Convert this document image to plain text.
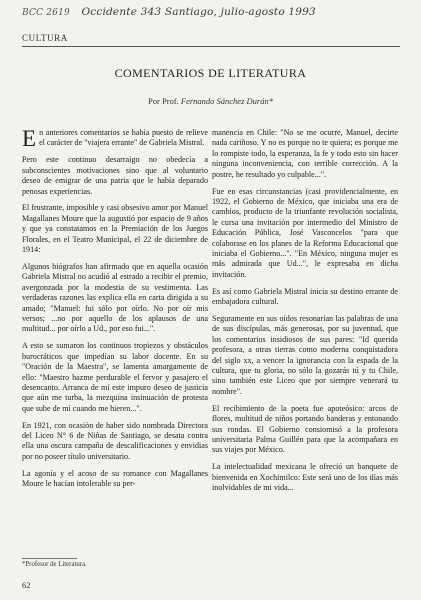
BCC 2619 Occidente 343 Santiago, julio-agosto 1993
CULTURA
COMENTARIOS DE LITERATURA
Por Prof. Fernando Sánchez Durán*

En anteriores comentarios se había puesto de relieve el carácter de "viajera errante" de Gabriela Mistral.

Pero este continuo desarraigo no obedecía a subconscientes motivaciones sino que al voluntario deseo de emigrar de una patria que le había deparado penosas experiencias.

El frustrante, imposible y casi obsesivo amor por Manuel Magallanes Moure que la augustió por espacio de 9 años y que ya constatamos en la Premiación de los Juegos Florales, en el Teatro Municipal, el 22 de diciembre de 1914:

Algunos biógrafos han afirmado que en aquella ocasión Gabriela Mistral no acudió al estrado a recibir el premio, avergonzada por la modestia de su vestimenta. Las verdaderas razones las explica ella en carta dirigida a su amado; "Manuel: fui sólo por oírlo. No por oír mis versos; ...no por aquello de los aplausos de una multitud... por oírlo a Ud., por eso fui...".

A esto se sumaron los continuos tropiezos y obstáculos burocráticos que impedían su labor docente. En su "Oración de la Maestra", se lamenta amargamente de ello: "Maestro hazme perdurable el fervor y pasajero el desencanto. Arranca de mí este impuro deseo de justicia que aún me turba, la mezquina insinuación de protesta que sube de mí cuando me hieren...".

En 1921, con ocasión de haber sido nombrada Directora del Liceo N° 6 de Niñas de Santiago, se desata contra ella una oscura campaña de descalificaciones y envidias por no poseer título universitario.

La agonía y el acoso de su romance con Magallanes Moure le hacían intolerable su per-

manencia en Chile: "No se me ocurre, Manuel, decirte nada cariñoso. Y no es porque no te quiera; es porque me lo rompiste todo, la esperanza, la fe y todo esto sin hacer ninguna inconveniencia, con terrible corrección. A la postre, he resultado yo culpable...".

Fue en esas circunstancias (casi providencialmente, en 1922, el Gobierno de México, que iniciaba una era de cambios, producto de la triunfante revolución socialista, le cursa una invitación por intermedio del Ministro de Educación Pública, José Vasconcelos "para que colaborase en los planes de la Reforma Educacional que iniciaba el Gobierno...". "En México, ninguna mujer es más admirada que Ud...", le expresaba en dicha invitación.

Es así como Gabriela Mistral inicia su destino errante de embajadora cultural.

Seguramente en sus oídos resonarían las palabras de una de sus discípulas, más generosas, por su juventud, que los comentarios insidiosos de sus pares: "Id querida profesora, a otras tierras como moderna conquistadora del siglo xx, a vencer la ignorancia con la espada de la cultura, que tu gloria, no sólo la gozarás tú y tu Chile, sino también este Liceo que por siempre venerará tu nombre".

El recibimiento de la poeta fue apoteósico: arcos de flores, multitud de niños portando banderas y entonando sus rondas. El Gobierno consiomisó a la profesora universitaria Palma Guillén para que la acompañara en sus viajes por México.

La intelectualidad mexicana le ofreció un banquete de bienvenida en Xochimilco: Este será uno de los días más inolvidables de mi vida...

*Profesor de Literatura.
62
